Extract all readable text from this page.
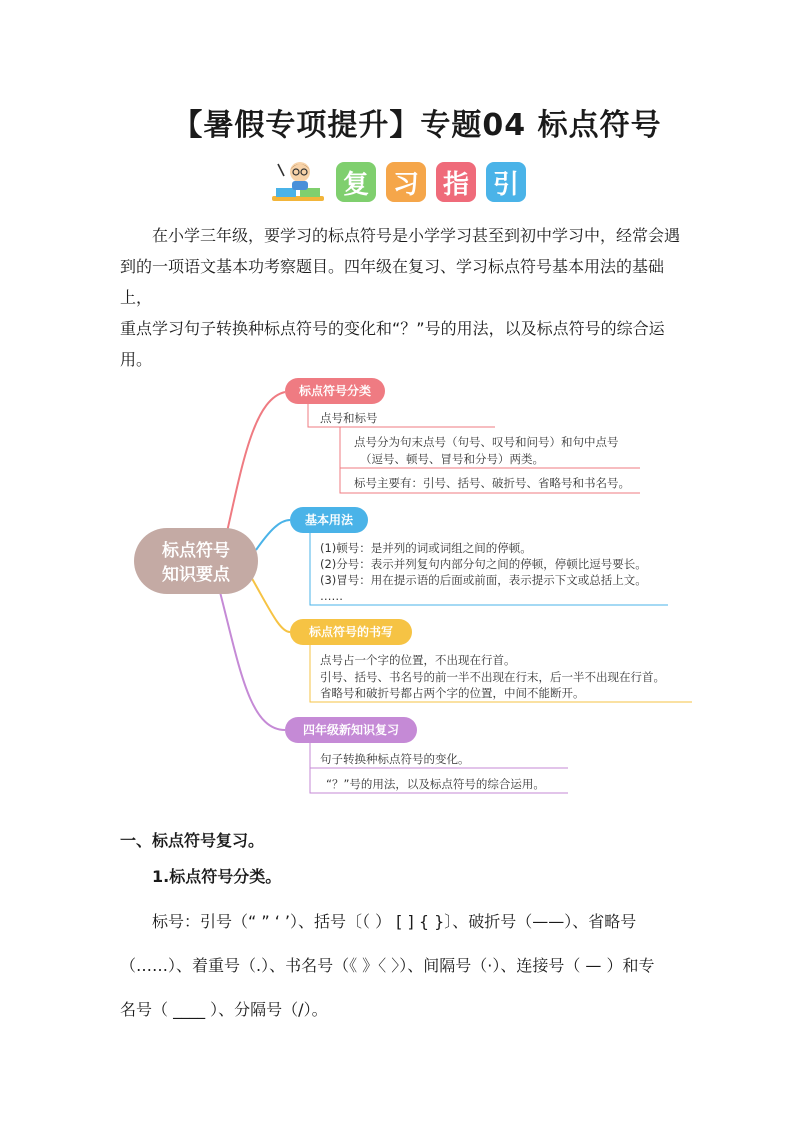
【暑假专项提升】专题04 标点符号
复 习 指 引

在小学三年级，要学习的标点符号是小学学习甚至到初中学习中，经常会遇

到的一项语文基本功考察题目。四年级在复习、学习标点符号基本用法的基础上，

重点学习句子转换种标点符号的变化和“？”号的用法，以及标点符号的综合运

用。

标点符号分类
点号和标号
点号分为句末点号（句号、叹号和问号）和句中点号
（逗号、顿号、冒号和分号）两类。
标号主要有：引号、括号、破折号、省略号和书名号。
基本用法
(1)顿号：是并列的词或词组之间的停顿。
(2)分号：表示并列复句内部分句之间的停顿，停顿比逗号要长。
(3)冒号：用在提示语的后面或前面，表示提示下文或总括上文。
……
标点符号的书写
点号占一个字的位置，不出现在行首。
引号、括号、书名号的前一半不出现在行末，后一半不出现在行首。
省略号和破折号都占两个字的位置，中间不能断开。
四年级新知识复习
句子转换种标点符号的变化。
“？”号的用法，以及标点符号的综合运用。
标点符号
知识要点
一、标点符号复习。
1.标点符号分类。

标号：引号（“ ” ‘ ’）、括号〔（ ） [ ] { }〕、破折号（——）、省略号

（……）、着重号（.）、书名号（《 》〈 〉）、间隔号（·）、连接号（ — ）和专

名号（ ____ ）、分隔号（/）。
